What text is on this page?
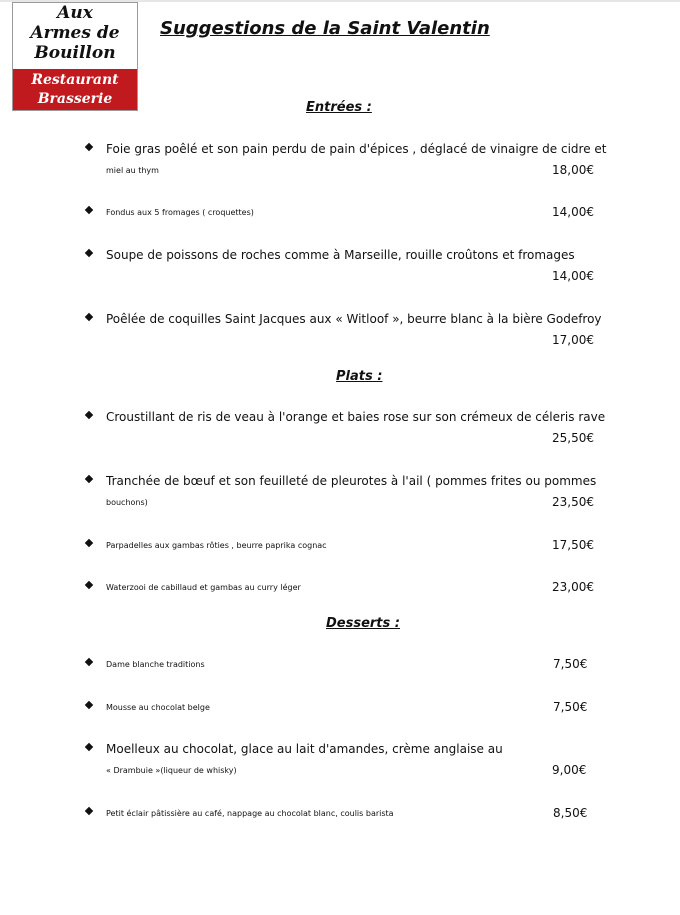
Aux
Armes de
Bouillon
Restaurant
Brasserie
Suggestions de la Saint Valentin
Entrées :
Foie gras poêlé et son pain perdu de pain d'épices , déglacé de vinaigre de cidre et
miel au thym	18,00€
Fondus aux 5 fromages ( croquettes)	14,00€
Soupe de poissons de roches comme à Marseille, rouille croûtons et fromages
14,00€
Poêlée de coquilles Saint Jacques aux « Witloof », beurre blanc à la bière Godefroy
17,00€
Plats :
Croustillant de ris de veau à l'orange et baies rose sur son crémeux de céleris rave
25,50€
Tranchée de bœuf et son feuilleté de pleurotes à l'ail ( pommes frites ou pommes
bouchons)	23,50€
Parpadelles aux gambas rôties , beurre paprika cognac	17,50€
Waterzooi de cabillaud et gambas au curry léger	23,00€
Desserts :
Dame blanche traditions	7,50€
Mousse au chocolat belge	7,50€
Moelleux au chocolat, glace au lait d'amandes, crème anglaise au
« Drambuie »(liqueur de whisky)	9,00€
Petit éclair pâtissière au café, nappage au chocolat blanc, coulis barista	8,50€
